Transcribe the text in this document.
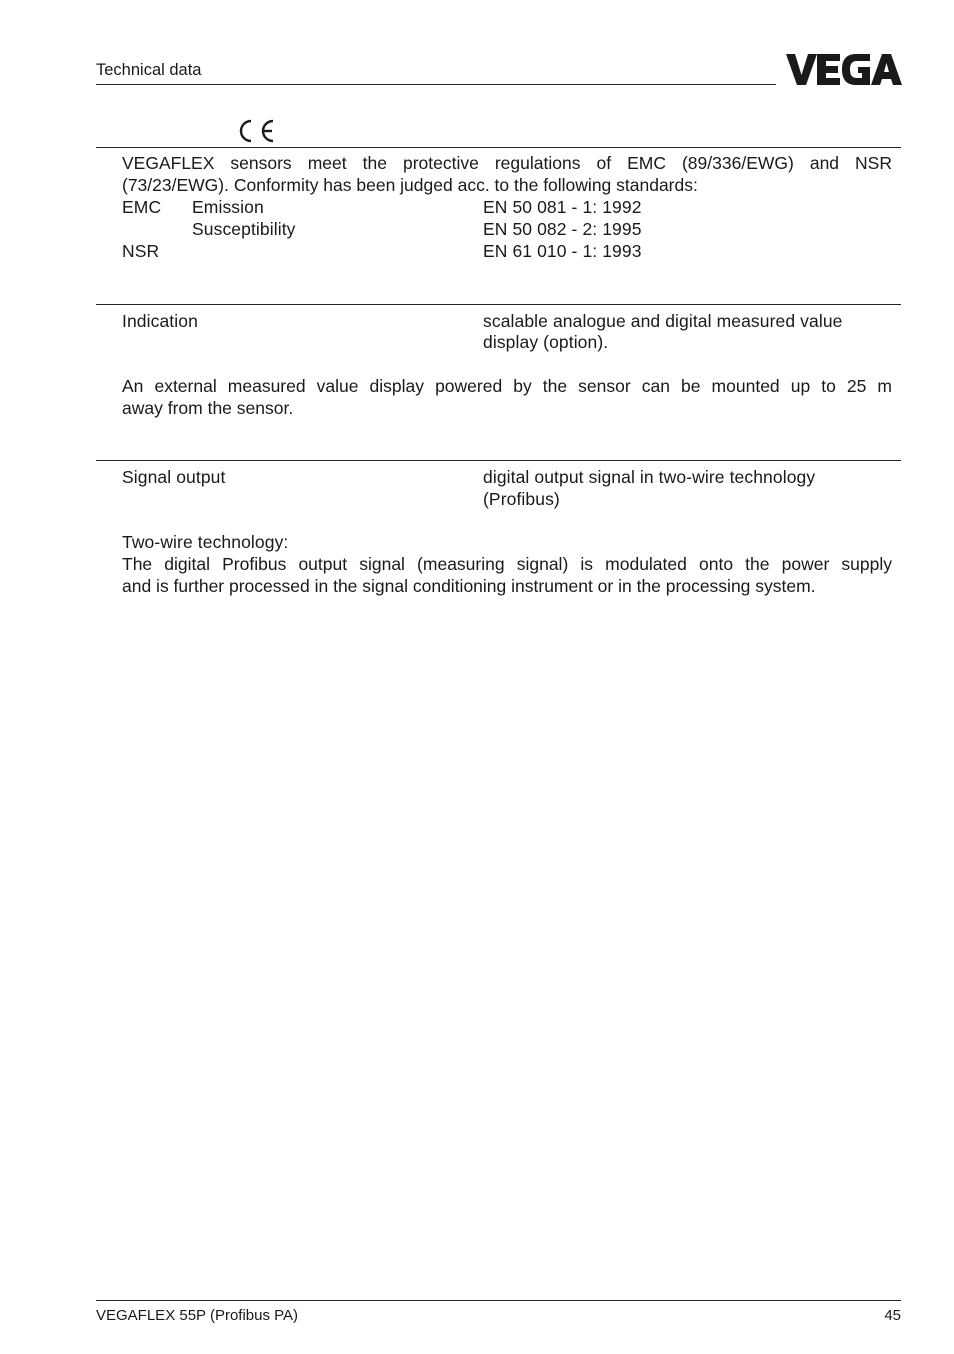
Technical data
VEGAFLEX sensors meet the protective regulations of EMC (89/336/EWG) and NSR
(73/23/EWG). Conformity has been judged acc. to the following standards:
EMC Emission	EN 50 081 - 1: 1992
Susceptibility	EN 50 082 - 2: 1995
NSR	EN 61 010 - 1: 1993
Indication	scalable analogue and digital measured value
display (option).
An external measured value display powered by the sensor can be mounted up to 25 m
away from the sensor.
Signal output	digital output signal in two-wire technology
(Profibus)
Two-wire technology:
The digital Profibus output signal (measuring signal) is modulated onto the power supply
and is further processed in the signal conditioning instrument or in the processing system.
VEGAFLEX 55P (Profibus PA)	45
